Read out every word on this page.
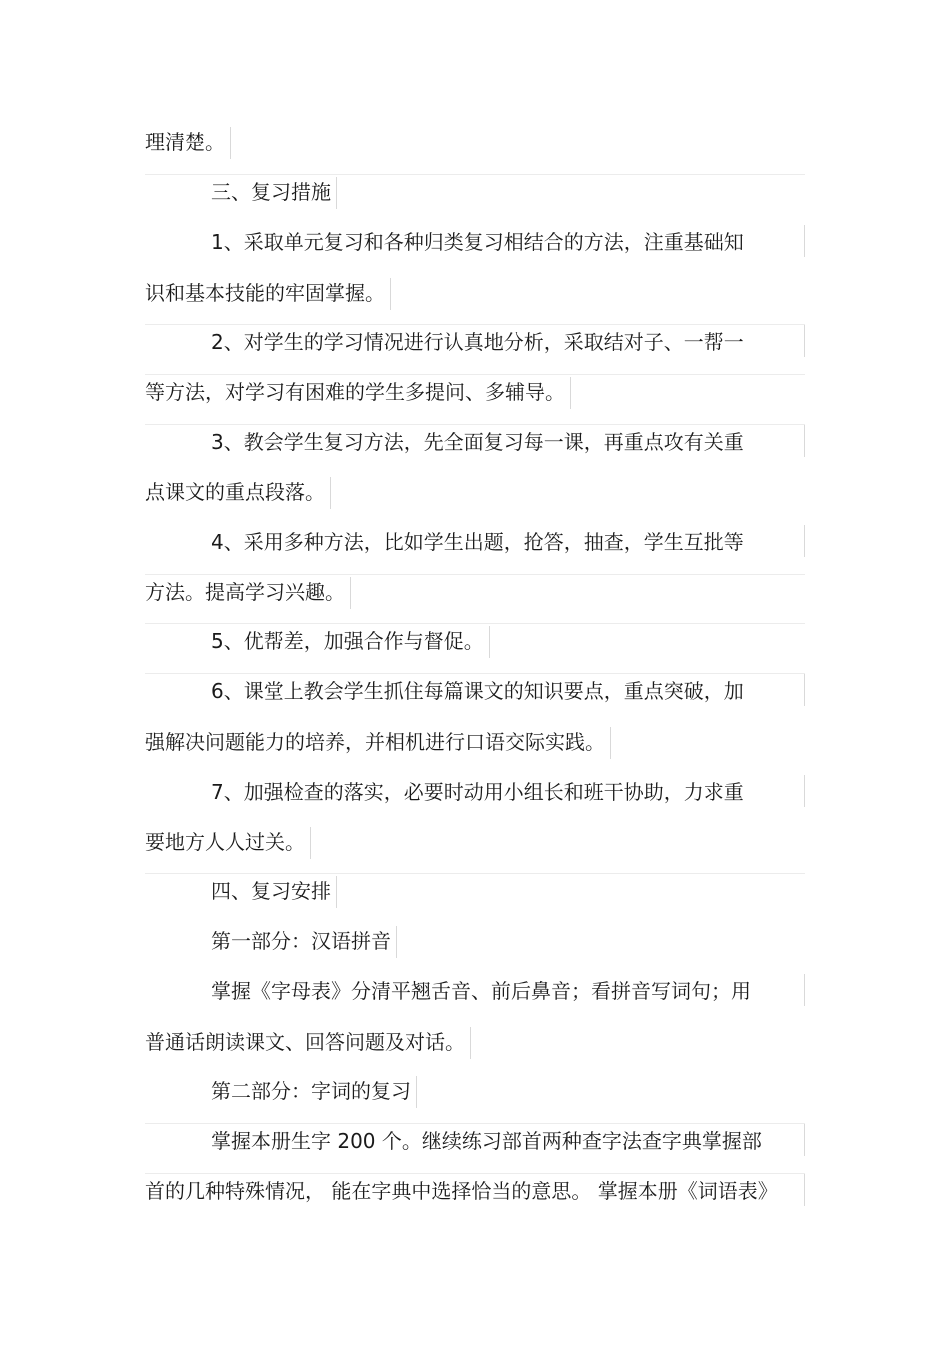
理清楚。
三、复习措施
1、采取单元复习和各种归类复习相结合的方法，注重基础知
识和基本技能的牢固掌握。
2、对学生的学习情况进行认真地分析，采取结对子、一帮一
等方法，对学习有困难的学生多提问、多辅导。
3、教会学生复习方法，先全面复习每一课，再重点攻有关重
点课文的重点段落。
4、采用多种方法，比如学生出题，抢答，抽查，学生互批等
方法。提高学习兴趣。
5、优帮差，加强合作与督促。
6、课堂上教会学生抓住每篇课文的知识要点，重点突破，加
强解决问题能力的培养，并相机进行口语交际实践。
7、加强检查的落实，必要时动用小组长和班干协助，力求重
要地方人人过关。
四、复习安排
第一部分：汉语拼音
掌握《字母表》分清平翘舌音、前后鼻音；看拼音写词句；用
普通话朗读课文、回答问题及对话。
第二部分：字词的复习
掌握本册生字 200 个。继续练习部首两种查字法查字典掌握部
首的几种特殊情况， 能在字典中选择恰当的意思。 掌握本册《词语表》
